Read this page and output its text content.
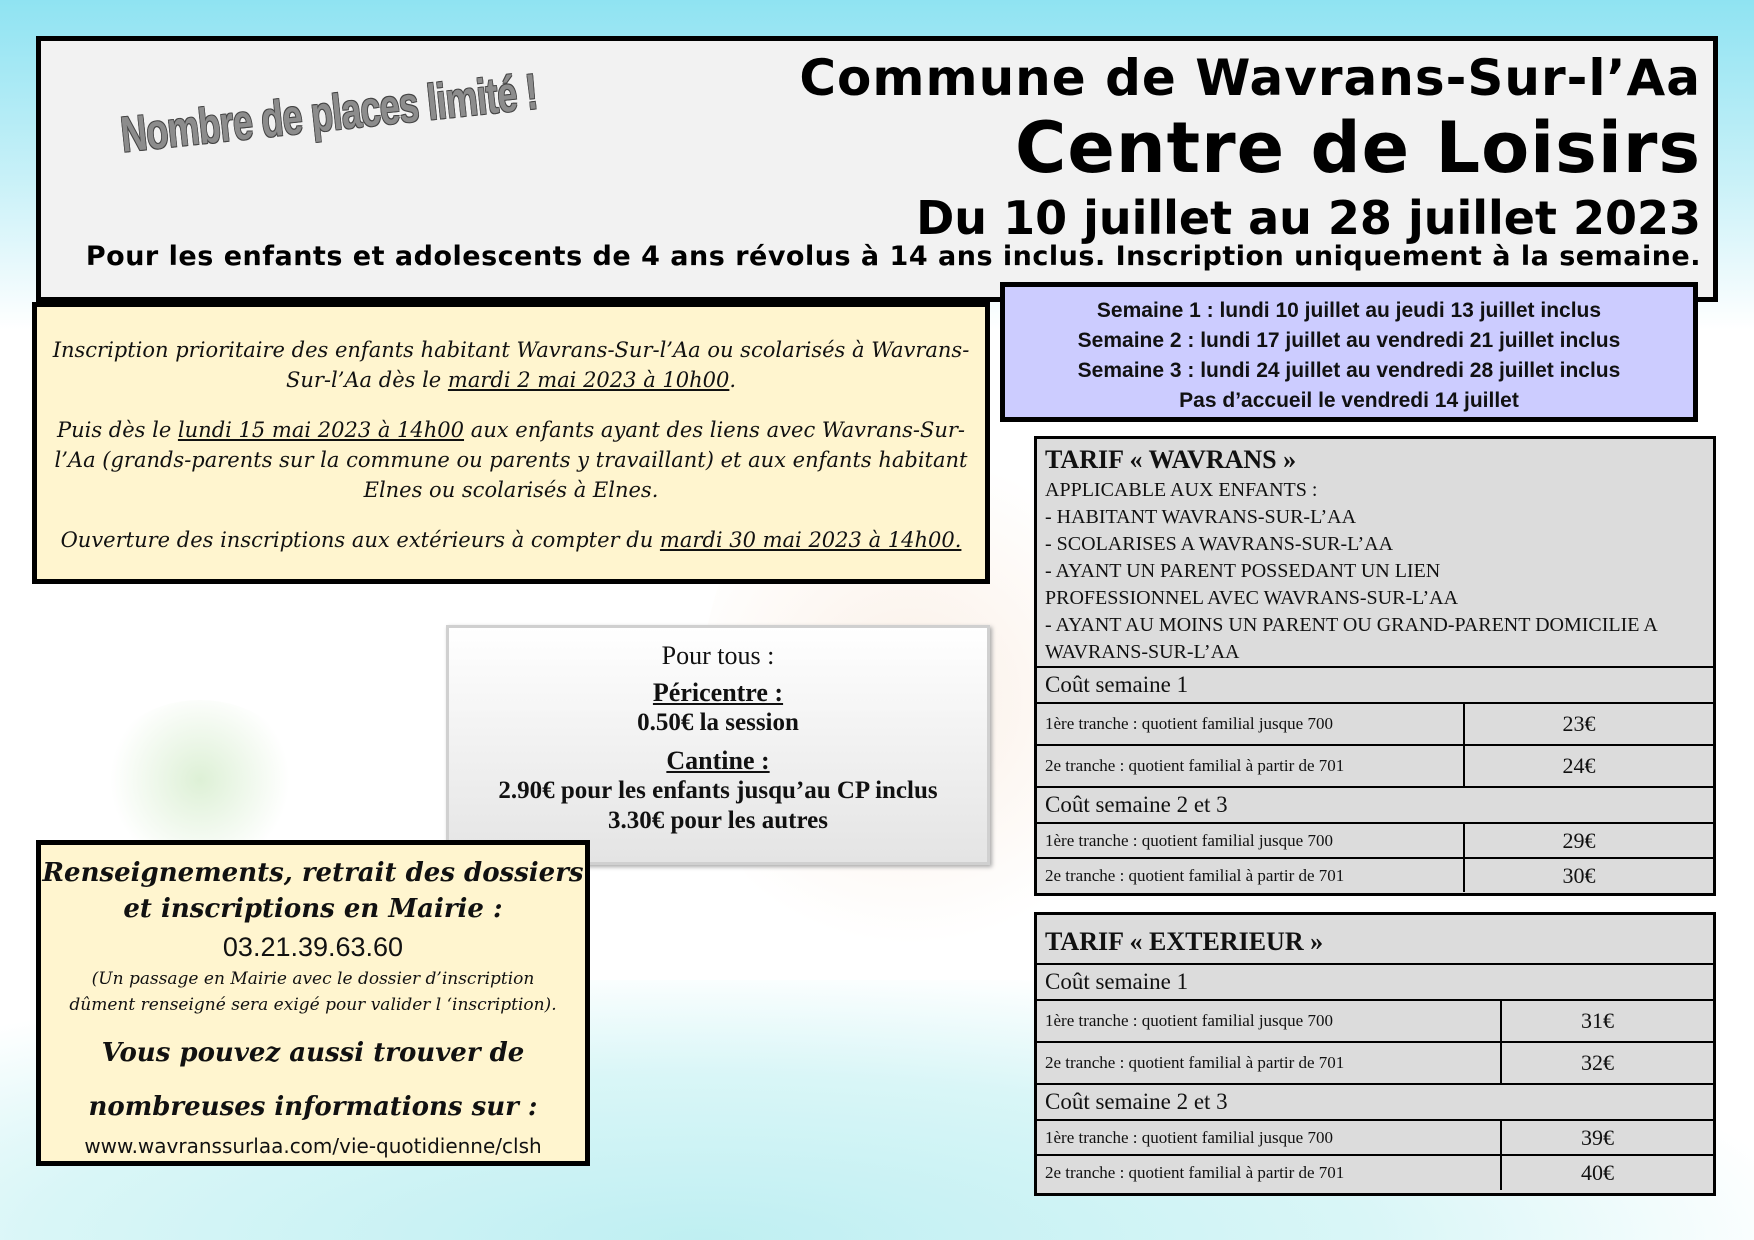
Nombre de places limité !	Commune de Wavrans-Sur-l’Aa
Centre de Loisirs
Du 10 juillet au 28 juillet 2023
Pour les enfants et adolescents de 4 ans révolus à 14 ans inclus. Inscription uniquement à la semaine.

Inscription prioritaire des enfants habitant Wavrans-Sur-l’Aa ou scolarisés à Wavrans-Sur-l’Aa dès le mardi 2 mai 2023 à 10h00.

Puis dès le lundi 15 mai 2023 à 14h00 aux enfants ayant des liens avec Wavrans-Sur-l’Aa (grands-parents sur la commune ou parents y travaillant) et aux enfants habitant Elnes ou scolarisés à Elnes.

Ouverture des inscriptions aux extérieurs à compter du mardi 30 mai 2023 à 14h00.

Semaine 1 : lundi 10 juillet au jeudi 13 juillet inclus
Semaine 2 : lundi 17 juillet au vendredi 21 juillet inclus
Semaine 3 : lundi 24 juillet au vendredi 28 juillet inclus
Pas d’accueil le vendredi 14 juillet
Pour tous :
Péricentre :
0.50€ la session
Cantine :
2.90€ pour les enfants jusqu’au CP inclus
3.30€ pour les autres
Renseignements, retrait des dossiers
et inscriptions en Mairie :
03.21.39.63.60
(Un passage en Mairie avec le dossier d’inscription
dûment renseigné sera exigé pour valider l ‘inscription).
Vous pouvez aussi trouver de
nombreuses informations sur :
www.wavranssurlaa.com/vie-quotidienne/clsh
TARIF « WAVRANS »
APPLICABLE AUX ENFANTS :
- HABITANT WAVRANS-SUR-L’AA
- SCOLARISES A WAVRANS-SUR-L’AA
- AYANT UN PARENT POSSEDANT UN LIEN
PROFESSIONNEL AVEC WAVRANS-SUR-L’AA
- AYANT AU MOINS UN PARENT OU GRAND-PARENT DOMICILIE A
WAVRANS-SUR-L’AA
Coût semaine 1
1ère tranche : quotient familial jusque 700	23€
2e tranche : quotient familial à partir de 701	24€
Coût semaine 2 et 3
1ère tranche : quotient familial jusque 700	29€
2e tranche : quotient familial à partir de 701	30€
TARIF « EXTERIEUR »
Coût semaine 1
1ère tranche : quotient familial jusque 700	31€
2e tranche : quotient familial à partir de 701	32€
Coût semaine 2 et 3
1ère tranche : quotient familial jusque 700	39€
2e tranche : quotient familial à partir de 701	40€
